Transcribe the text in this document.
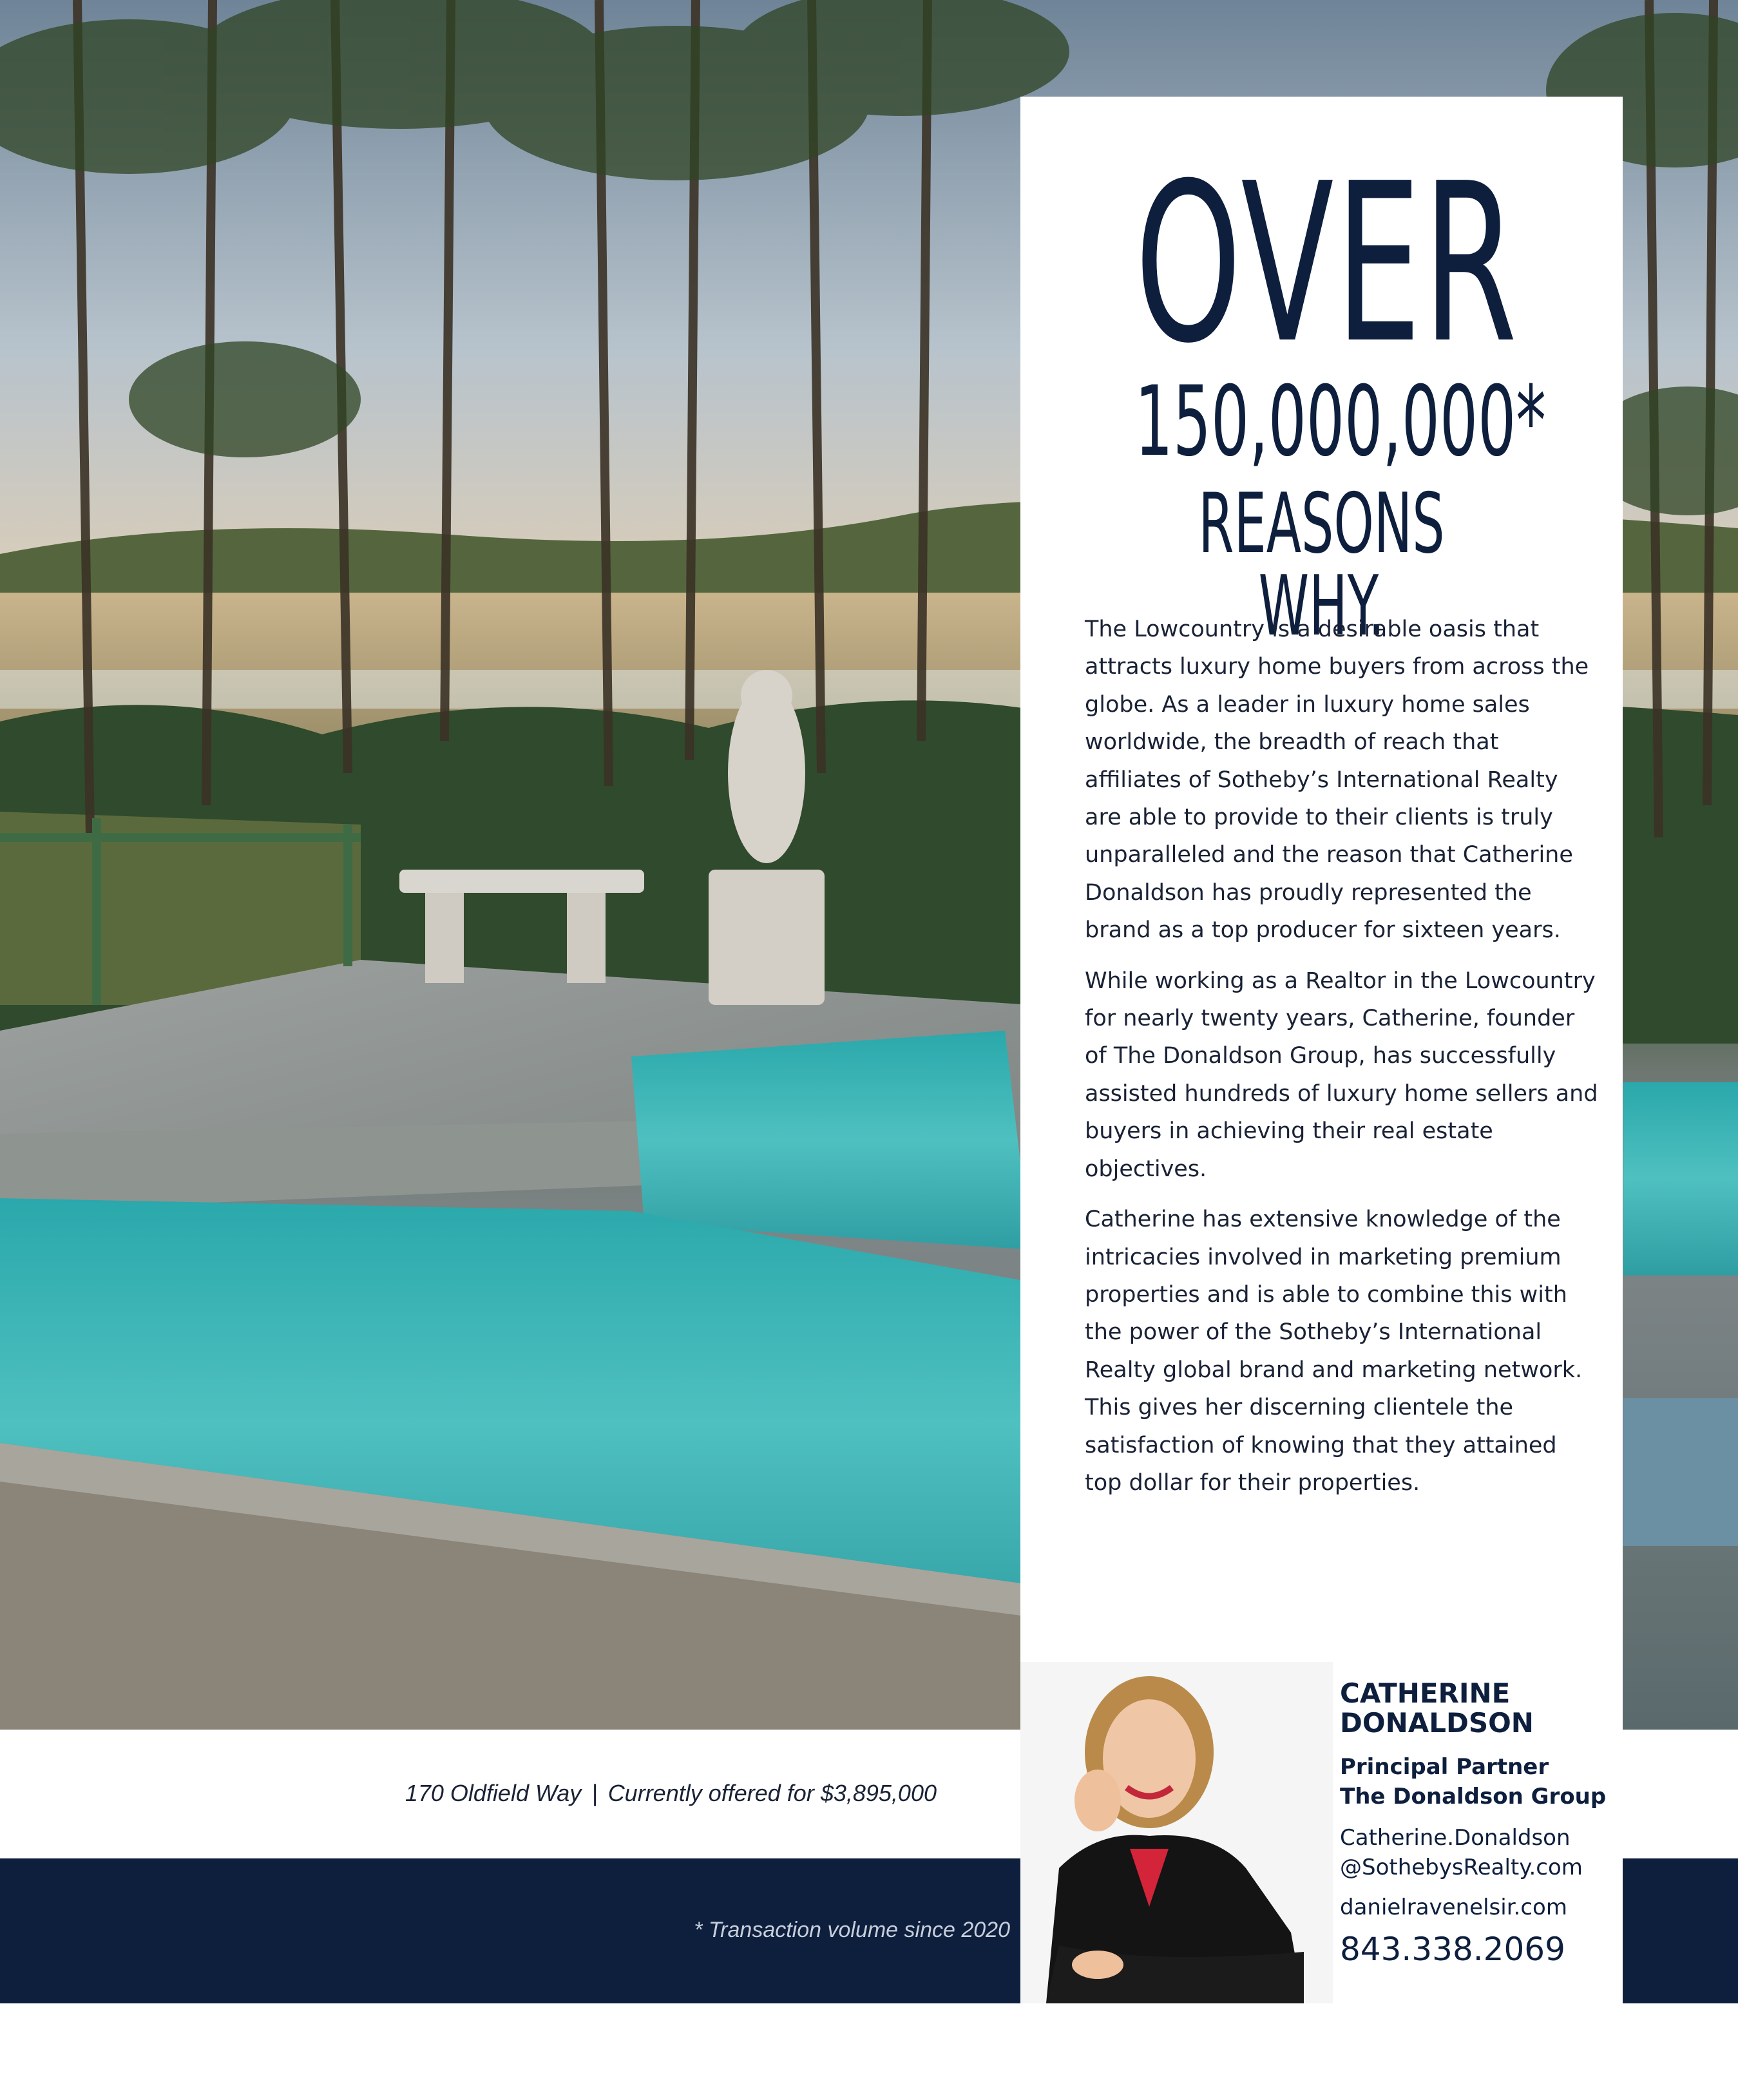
170 Oldfield Way | Currently offered for $3,895,000
* Transaction volume since 2020
OVER
150,000,000*
REASONS WHY.

The Lowcountry is a desirable oasis that attracts luxury home buyers from across the globe. As a leader in luxury home sales worldwide, the breadth of reach that affiliates of Sotheby’s International Realty are able to provide to their clients is truly unparalleled and the reason that Catherine Donaldson has proudly represented the brand as a top producer for sixteen years.

While working as a Realtor in the Lowcountry for nearly twenty years, Catherine, founder of The Donaldson Group, has successfully assisted hundreds of luxury home sellers and buyers in achieving their real estate objectives.

Catherine has extensive knowledge of the intricacies involved in marketing premium properties and is able to combine this with the power of the Sotheby’s International Realty global brand and marketing network. This gives her discerning clientele the satisfaction of knowing that they attained top dollar for their properties.

CATHERINE
DONALDSON
Principal Partner
The Donaldson Group
Catherine.Donaldson
@SothebysRealty.com
danielravenelsir.com
843.338.2069
